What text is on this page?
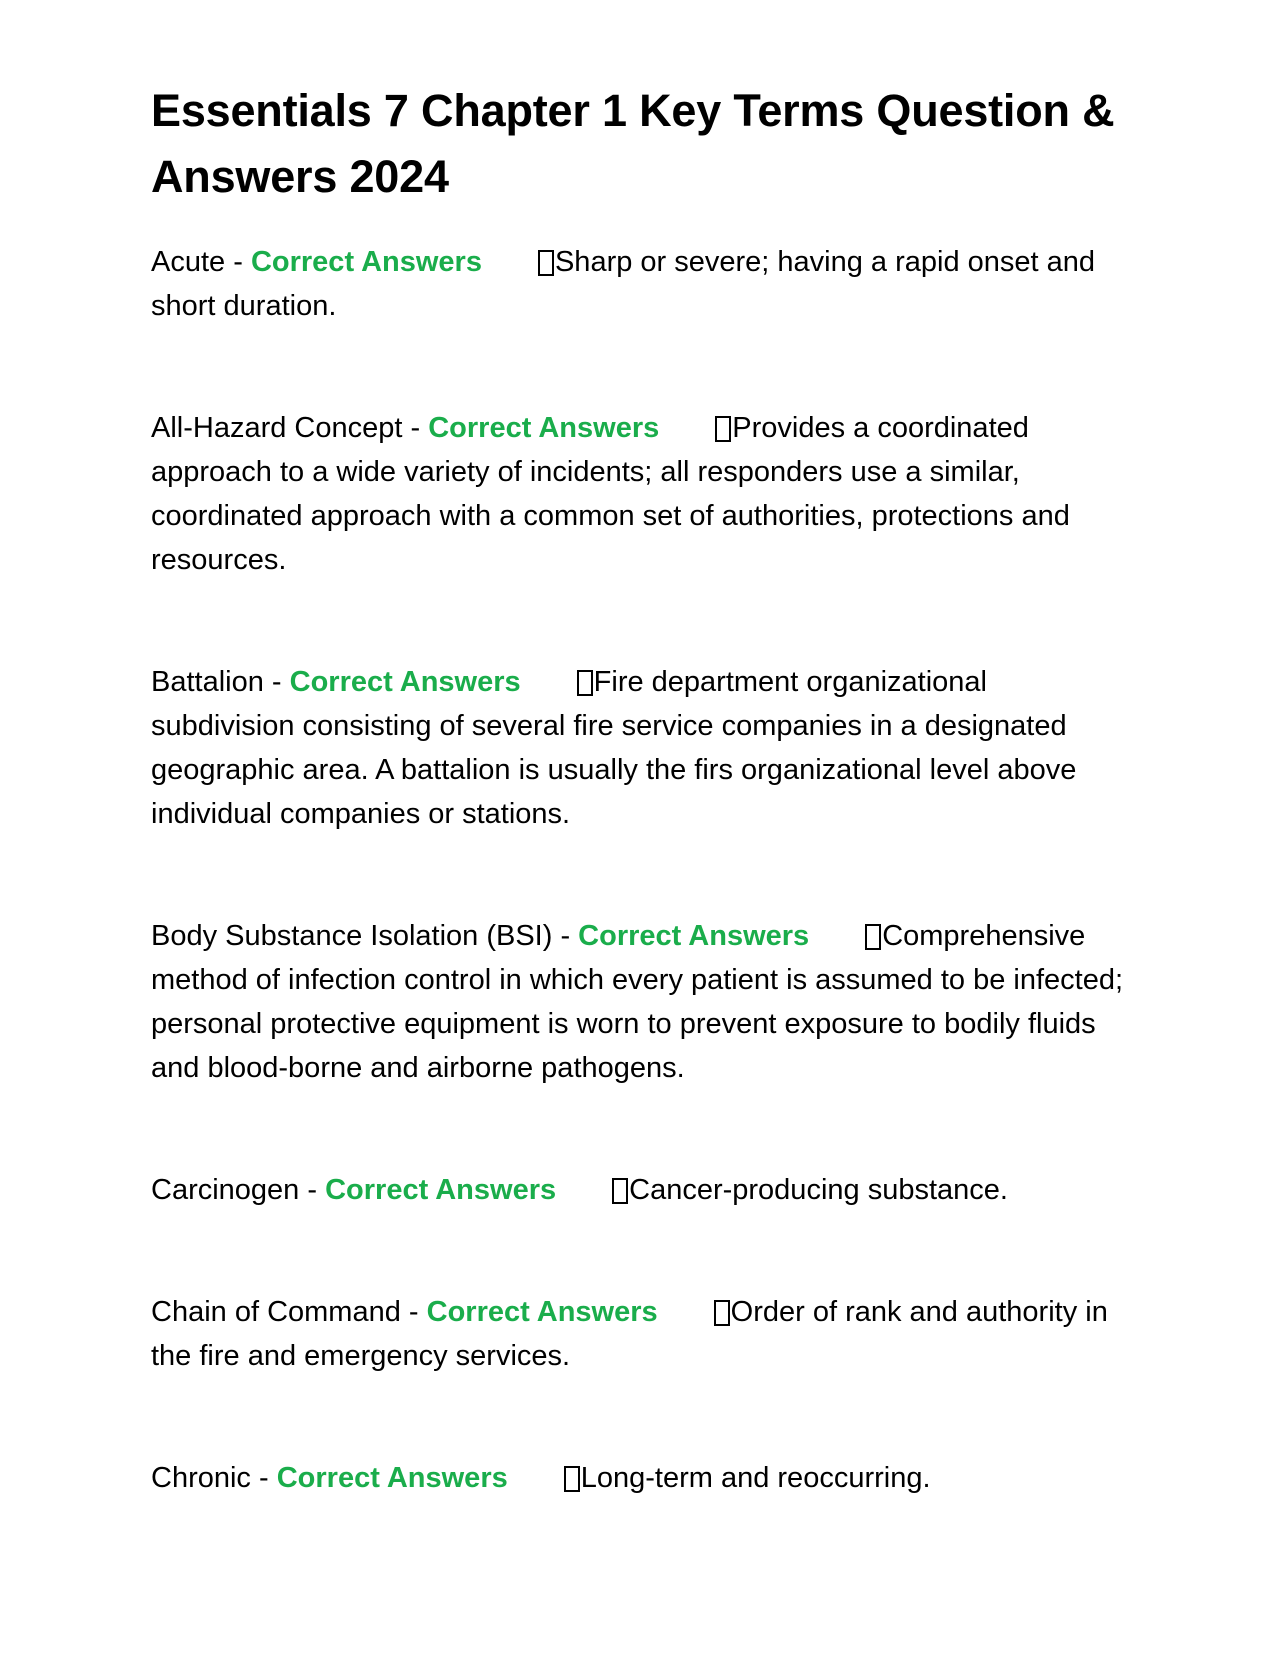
Essentials 7 Chapter 1 Key Terms Question & Answers 2024

Acute - Correct Answers	Sharp or severe; having a rapid onset and short duration.

All-Hazard Concept - Correct Answers	Provides a coordinated approach to a wide variety of incidents; all responders use a similar, coordinated approach with a common set of authorities, protections and resources.

Battalion - Correct Answers	Fire department organizational subdivision consisting of several fire service companies in a designated geographic area. A battalion is usually the firs organizational level above individual companies or stations.

Body Substance Isolation (BSI) - Correct Answers	Comprehensive method of infection control in which every patient is assumed to be infected; personal protective equipment is worn to prevent exposure to bodily fluids and blood-borne and airborne pathogens.

Carcinogen - Correct Answers	Cancer-producing substance.

Chain of Command - Correct Answers	Order of rank and authority in the fire and emergency services.

Chronic - Correct Answers	Long-term and reoccurring.
